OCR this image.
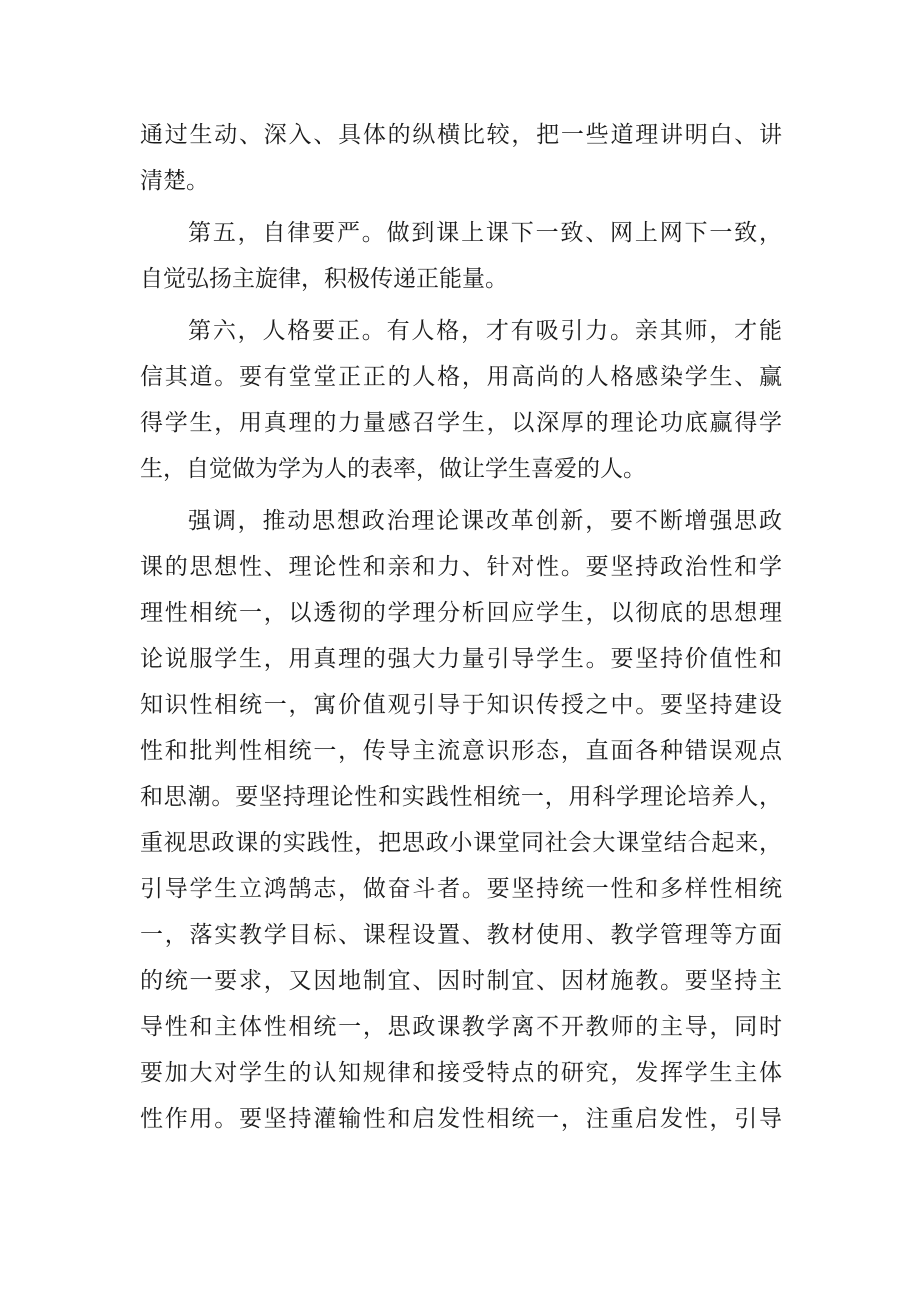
通过生动、深入、具体的纵横比较，把一些道理讲明白、讲
清楚。
第五，自律要严。做到课上课下一致、网上网下一致，
自觉弘扬主旋律，积极传递正能量。
第六，人格要正。有人格，才有吸引力。亲其师，才能
信其道。要有堂堂正正的人格，用高尚的人格感染学生、赢
得学生，用真理的力量感召学生，以深厚的理论功底赢得学
生，自觉做为学为人的表率，做让学生喜爱的人。
强调，推动思想政治理论课改革创新，要不断增强思政
课的思想性、理论性和亲和力、针对性。要坚持政治性和学
理性相统一，以透彻的学理分析回应学生，以彻底的思想理
论说服学生，用真理的强大力量引导学生。要坚持价值性和
知识性相统一，寓价值观引导于知识传授之中。要坚持建设
性和批判性相统一，传导主流意识形态，直面各种错误观点
和思潮。要坚持理论性和实践性相统一，用科学理论培养人，
重视思政课的实践性，把思政小课堂同社会大课堂结合起来，
引导学生立鸿鹄志，做奋斗者。要坚持统一性和多样性相统
一，落实教学目标、课程设置、教材使用、教学管理等方面
的统一要求，又因地制宜、因时制宜、因材施教。要坚持主
导性和主体性相统一，思政课教学离不开教师的主导，同时
要加大对学生的认知规律和接受特点的研究，发挥学生主体
性作用。要坚持灌输性和启发性相统一，注重启发性，引导
